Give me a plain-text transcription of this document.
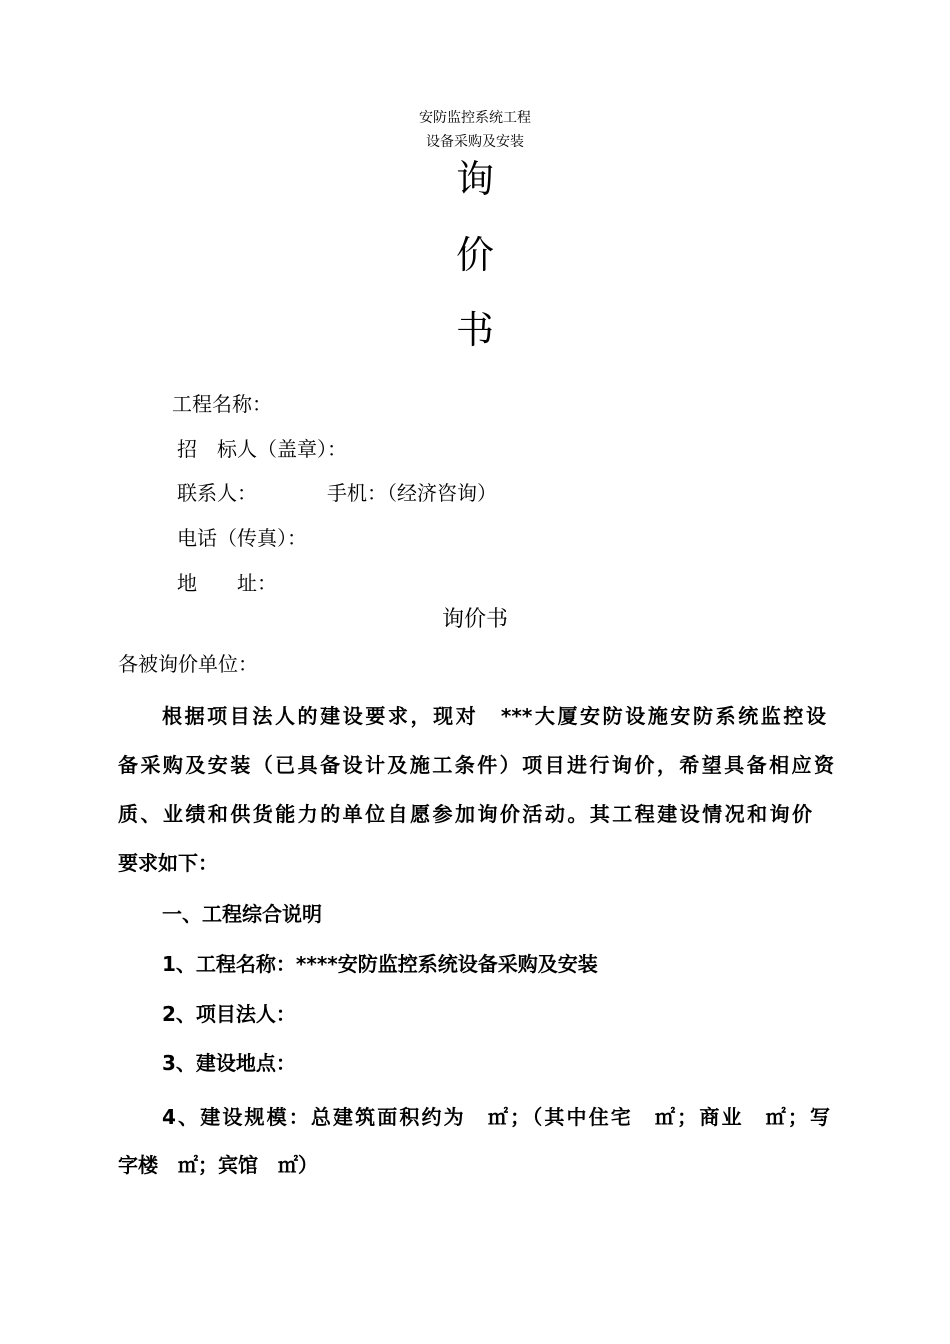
安防监控系统工程
设备采购及安装
询
价
书
工程名称：
招　标人（盖章）：
联系人：	手机：（经济咨询）
电话（传真）：
地　　址：
询价书
各被询价单位：
根据项目法人的建设要求，现对　***大厦安防设施安防系统监控设
备采购及安装（已具备设计及施工条件）项目进行询价，希望具备相应资
质、业绩和供货能力的单位自愿参加询价活动。其工程建设情况和询价
要求如下：
一、工程综合说明
1、工程名称：****安防监控系统设备采购及安装
2、项目法人：
3、建设地点：
4、建设规模：总建筑面积约为　㎡；（其中住宅　㎡；商业　㎡；写
字楼　㎡；宾馆　㎡）
